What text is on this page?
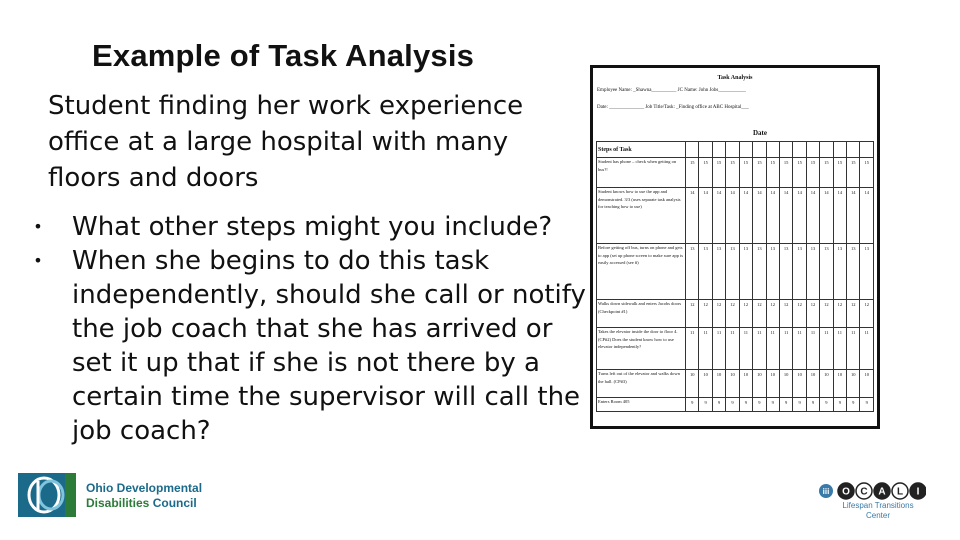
Example of Task Analysis
Student finding her work experience office at a large hospital with many floors and doors
• What other steps might you include?
• When she begins to do this task independently, should she call or notify the job coach that she has arrived or set it up that if she is not there by a certain time the supervisor will call the job coach?
Task Analysis
Employee Name: _Shawna__________ JC Name: John Jobs___________
Date: ______________ Job Title/Task: _Finding office at ABC Hospital___
Date
Steps of Task														
Student has phone – check when getting on bus?!	15	15	15	15	15	15	15	15	15	15	15	15	15	15
Student knows how to use the app and demonstrated. 3/3 (uses separate task analysis for teaching how to use)	14	14	14	14	14	14	14	14	14	14	14	14	14	14
Before getting off bus, turns on phone and gets to app (set up phone screen to make sure app is easily accessed (see #)	13	13	13	13	13	13	13	13	13	13	13	13	13	13
Walks down sidewalk and enters Jacobs doors (Checkpoint #1)	12	12	12	12	12	12	12	12	12	12	12	12	12	12
Takes the elevator inside the door to floor 4. (CP#2) Does the student know how to use elevator independently?	11	11	11	11	11	11	11	11	11	11	11	11	11	11
Turns left out of the elevator and walks down the hall. (CP#3)	10	10	10	10	10	10	10	10	10	10	10	10	10	10
Enters Room 405	9	9	9	9	9	9	9	9	9	9	9	9	9	9
Ohio Developmental
Disabilities Council
iii O C A L I
Lifespan Transitions
Center
